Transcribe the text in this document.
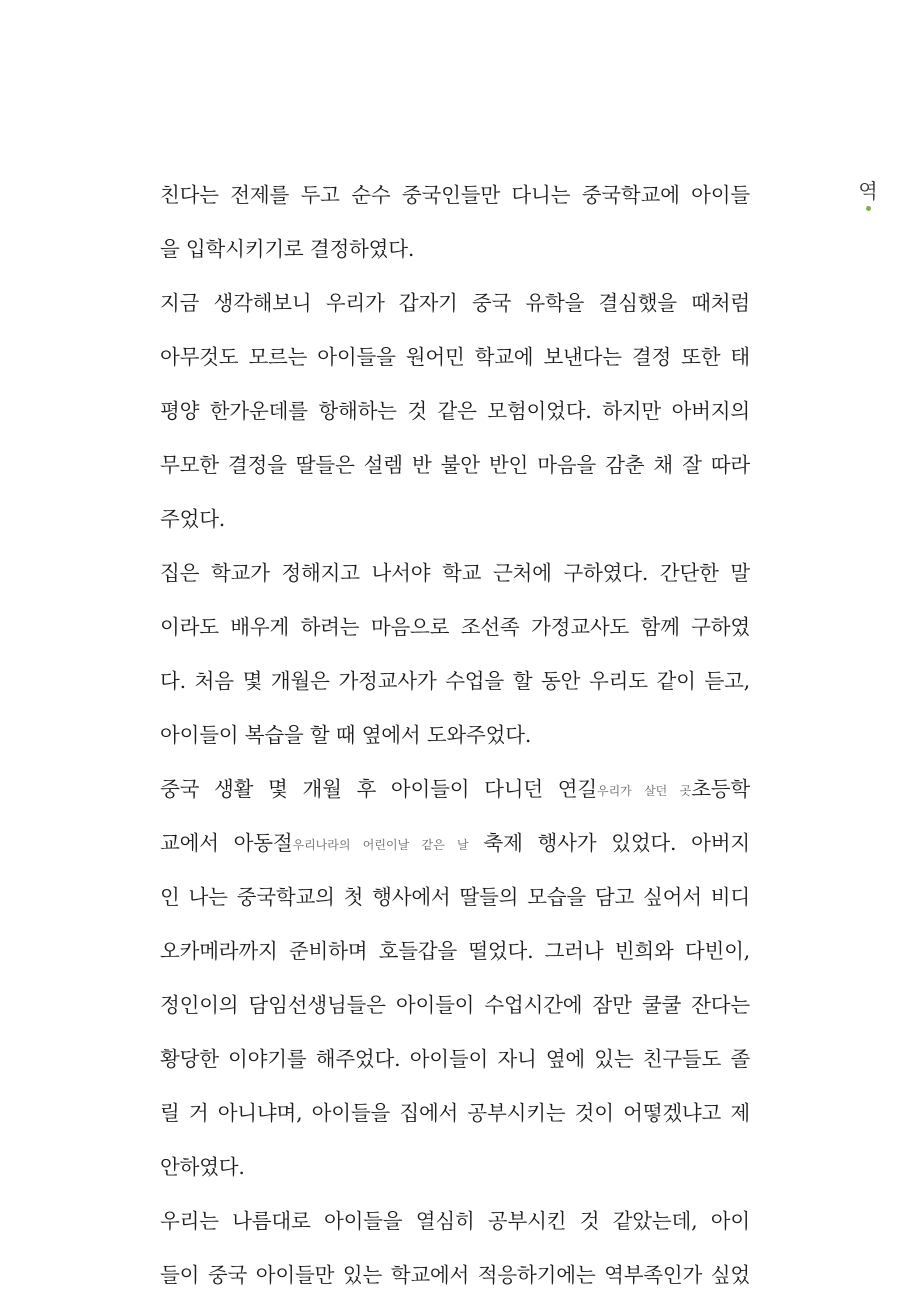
친다는 전제를 두고 순수 중국인들만 다니는 중국학교에 아이들
을 입학시키기로 결정하였다.
지금 생각해보니 우리가 갑자기 중국 유학을 결심했을 때처럼
아무것도 모르는 아이들을 원어민 학교에 보낸다는 결정 또한 태
평양 한가운데를 항해하는 것 같은 모험이었다. 하지만 아버지의
무모한 결정을 딸들은 설렘 반 불안 반인 마음을 감춘 채 잘 따라
주었다.
집은 학교가 정해지고 나서야 학교 근처에 구하였다. 간단한 말
이라도 배우게 하려는 마음으로 조선족 가정교사도 함께 구하였
다. 처음 몇 개월은 가정교사가 수업을 할 동안 우리도 같이 듣고,
아이들이 복습을 할 때 옆에서 도와주었다.
중국 생활 몇 개월 후 아이들이 다니던 연길우리가 살던 곳초등학
교에서 아동절우리나라의 어린이날 같은 날 축제 행사가 있었다. 아버지
인 나는 중국학교의 첫 행사에서 딸들의 모습을 담고 싶어서 비디
오카메라까지 준비하며 호들갑을 떨었다. 그러나 빈희와 다빈이,
정인이의 담임선생님들은 아이들이 수업시간에 잠만 쿨쿨 잔다는
황당한 이야기를 해주었다. 아이들이 자니 옆에 있는 친구들도 졸
릴 거 아니냐며, 아이들을 집에서 공부시키는 것이 어떻겠냐고 제
안하였다.
우리는 나름대로 아이들을 열심히 공부시킨 것 같았는데, 아이
들이 중국 아이들만 있는 학교에서 적응하기에는 역부족인가 싶었
역
